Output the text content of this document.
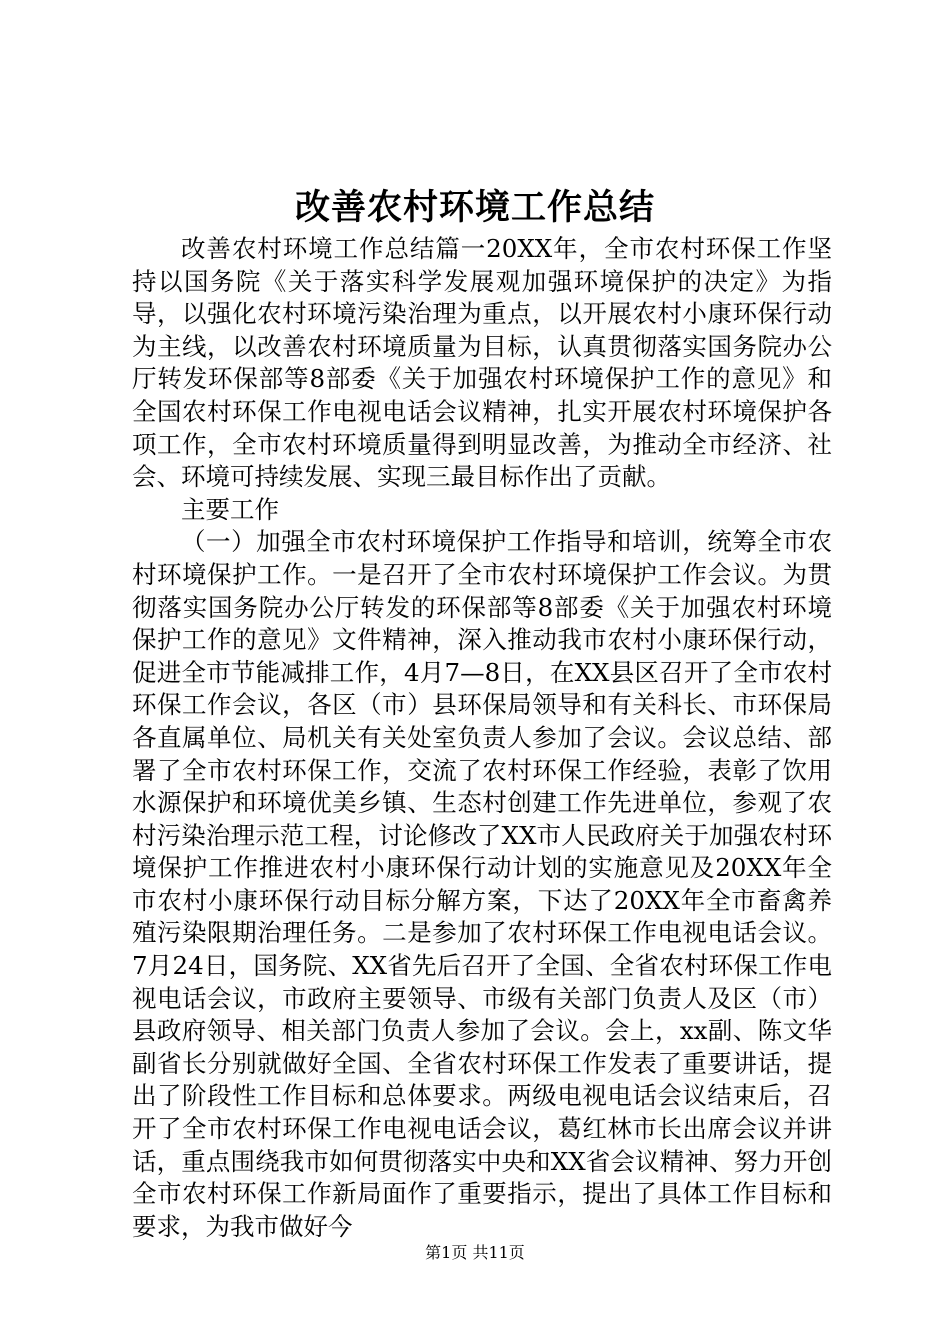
改善农村环境工作总结

改善农村环境工作总结篇一20XX年，全市农村环保工作坚持以国务院《关于落实科学发展观加强环境保护的决定》为指导，以强化农村环境污染治理为重点，以开展农村小康环保行动为主线，以改善农村环境质量为目标，认真贯彻落实国务院办公厅转发环保部等8部委《关于加强农村环境保护工作的意见》和全国农村环保工作电视电话会议精神，扎实开展农村环境保护各项工作，全市农村环境质量得到明显改善，为推动全市经济、社会、环境可持续发展、实现三最目标作出了贡献。

主要工作

（一）加强全市农村环境保护工作指导和培训，统筹全市农村环境保护工作。一是召开了全市农村环境保护工作会议。为贯彻落实国务院办公厅转发的环保部等8部委《关于加强农村环境保护工作的意见》文件精神，深入推动我市农村小康环保行动，促进全市节能减排工作，4月7—8日，在XX县区召开了全市农村环保工作会议，各区（市）县环保局领导和有关科长、市环保局各直属单位、局机关有关处室负责人参加了会议。会议总结、部署了全市农村环保工作，交流了农村环保工作经验，表彰了饮用水源保护和环境优美乡镇、生态村创建工作先进单位，参观了农村污染治理示范工程，讨论修改了XX市人民政府关于加强农村环境保护工作推进农村小康环保行动计划的实施意见及20XX年全市农村小康环保行动目标分解方案，下达了20XX年全市畜禽养殖污染限期治理任务。二是参加了农村环保工作电视电话会议。7月24日，国务院、XX省先后召开了全国、全省农村环保工作电视电话会议，市政府主要领导、市级有关部门负责人及区（市）县政府领导、相关部门负责人参加了会议。会上，xx副、陈文华副省长分别就做好全国、全省农村环保工作发表了重要讲话，提出了阶段性工作目标和总体要求。两级电视电话会议结束后，召开了全市农村环保工作电视电话会议，葛红林市长出席会议并讲话，重点围绕我市如何贯彻落实中央和XX省会议精神、努力开创全市农村环保工作新局面作了重要指示，提出了具体工作目标和要求，为我市做好今

第1页 共11页
